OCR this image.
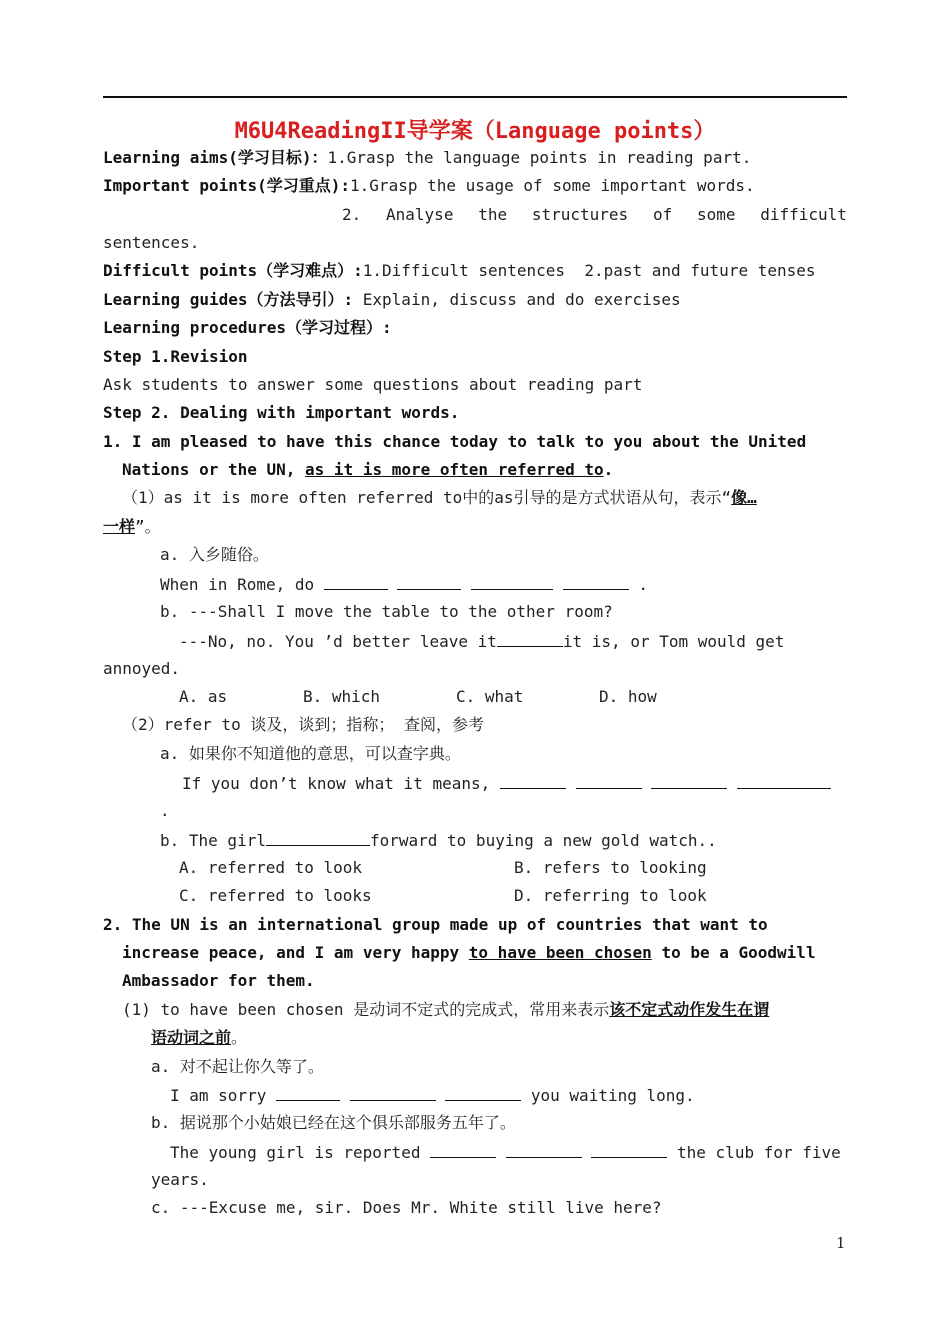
M6U4ReadingII导学案（Language points）
Learning aims(学习目标)：1.Grasp the language points in reading part.
Important points(学习重点):1.Grasp the usage of some important words.
2. Analyse the structures of some difficult
sentences.
Difficult points（学习难点）:1.Difficult sentences  2.past and future tenses
Learning guides（方法导引）: Explain, discuss and do exercises
Learning procedures（学习过程）:
Step 1.Revision
Ask students to answer some questions about reading part
Step 2. Dealing with important words.
1. I am pleased to have this chance today to talk to you about the United
Nations or the UN, as it is more often referred to.
（1）as it is more often referred to中的as引导的是方式状语从句，表示“像…
一样”。
a. 入乡随俗。
When in Rome, do	.
b. ---Shall I move the table to the other room?
---No, no. You ’d better leave it	it is, or Tom would get
annoyed.
A. as	B. which	C. what	D. how
（2）refer to 谈及，谈到；指称； 查阅，参考
a. 如果你不知道他的意思，可以查字典。
If you don’t know what it means,
.
b. The girl	forward to buying a new gold watch..
A. referred to look	B. refers to looking
C. referred to looks	D. referring to look
2. The UN is an international group made up of countries that want to
increase peace, and I am very happy to have been chosen to be a Goodwill
Ambassador for them.
(1) to have been chosen 是动词不定式的完成式，常用来表示该不定式动作发生在谓
语动词之前。
a. 对不起让你久等了。
I am sorry	you waiting long.
b. 据说那个小姑娘已经在这个俱乐部服务五年了。
The young girl is reported	the club for five
years.
c. ---Excuse me, sir. Does Mr. White still live here?
1
